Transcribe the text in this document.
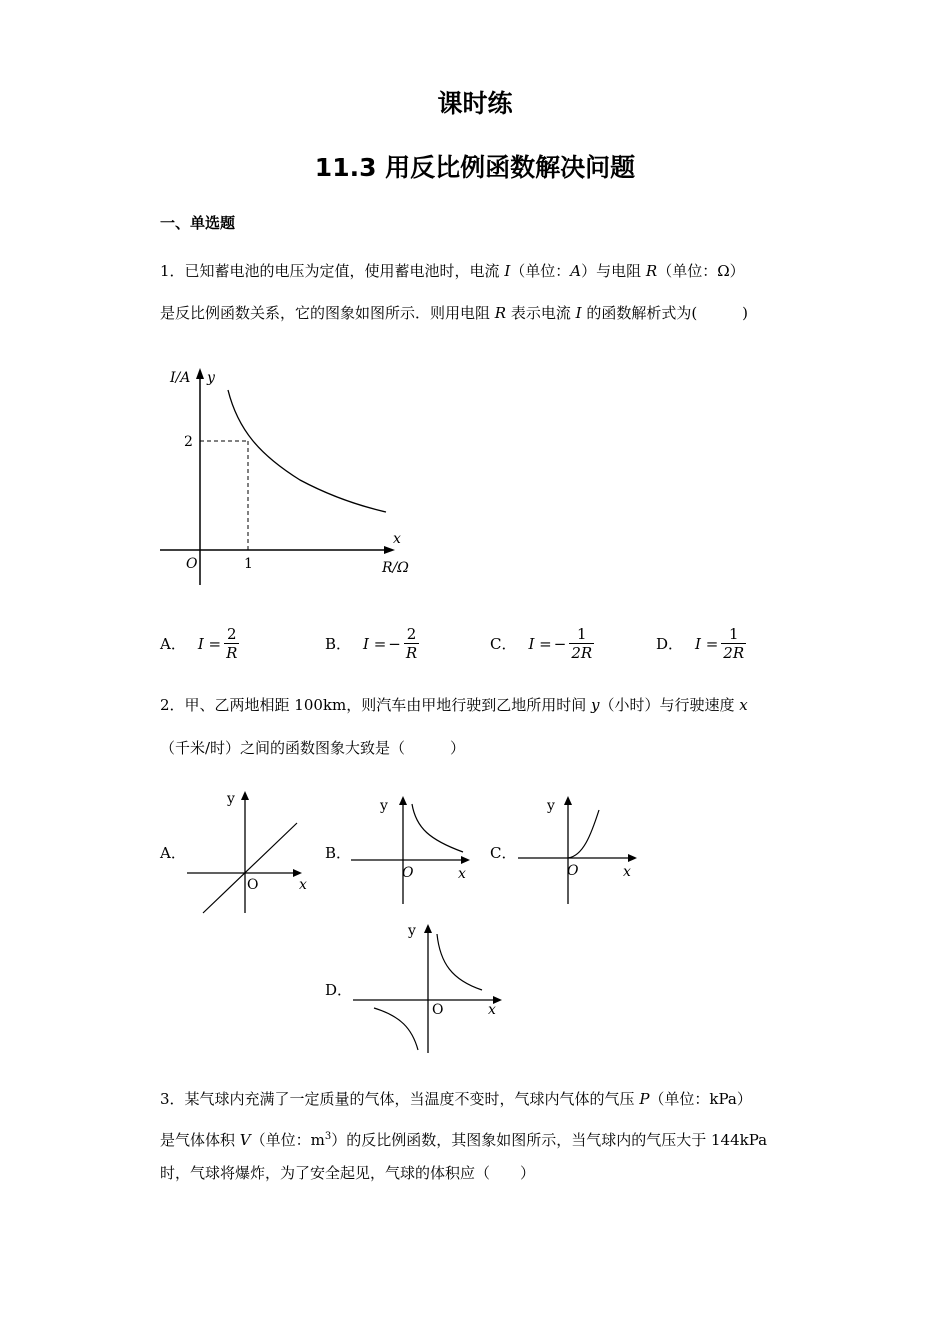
课时练
11.3 用反比例函数解决问题
一、单选题
1．已知蓄电池的电压为定值，使用蓄电池时，电流 I（单位：A）与电阻 R（单位：Ω）
是反比例函数关系，它的图象如图所示．则用电阻 R 表示电流 I 的函数解析式为(　　　)
I/A y
2
1
O
x
R/Ω
A． $I = \frac{2}{R}$	B． I = − $\frac{2}{R}$	C． I = − $\frac{1}{2R}$	D． $I = \frac{1}{2R}$
2．甲、乙两地相距 100km，则汽车由甲地行驶到乙地所用时间 y（小时）与行驶速度 x
（千米/时）之间的函数图象大致是（　　　）
A．
y
O	x
B．
y
O	x
C．
y
O	x
D．
y
O	x
3．某气球内充满了一定质量的气体，当温度不变时，气球内气体的气压 P（单位：kPa）
是气体体积 V（单位：$m^3$）的反比例函数，其图象如图所示，当气球内的气压大于 144kPa
时，气球将爆炸，为了安全起见，气球的体积应（　　）
